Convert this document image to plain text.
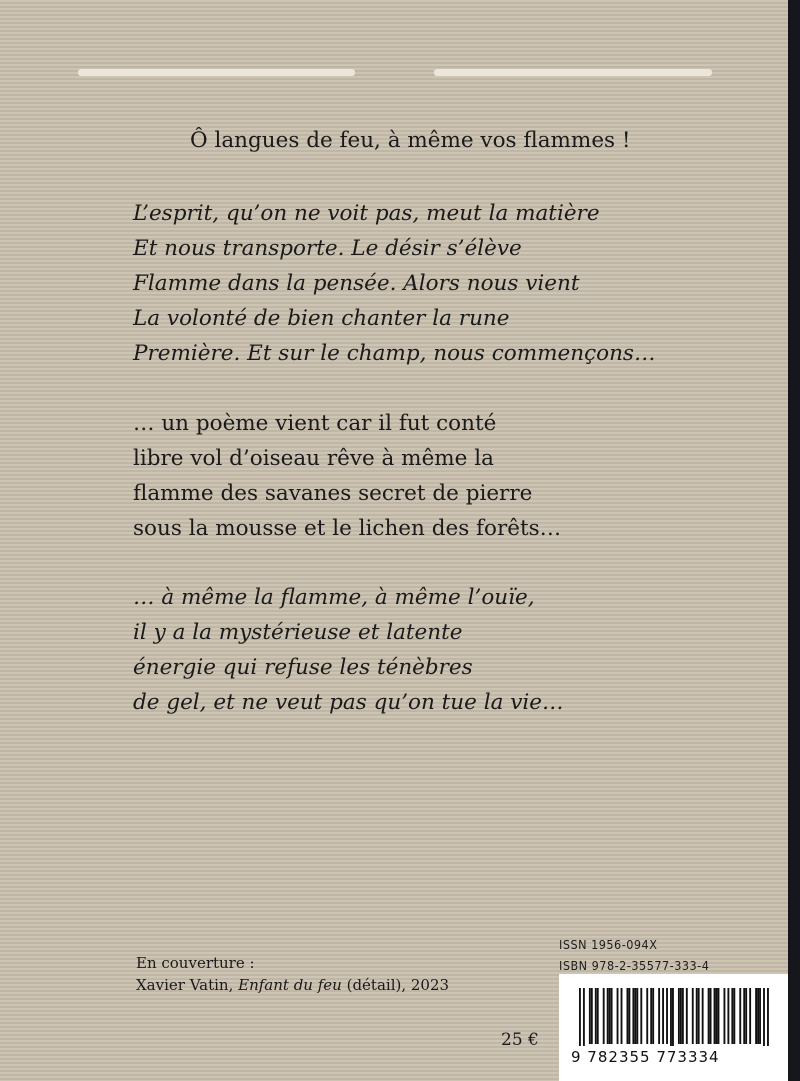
Ô langues de feu, à même vos flammes !
L’esprit, qu’on ne voit pas, meut la matière
Et nous transporte. Le désir s’élève
Flamme dans la pensée. Alors nous vient
La volonté de bien chanter la rune
Première. Et sur le champ, nous commençons…
… un poème vient car il fut conté
libre vol d’oiseau rêve à même la
flamme des savanes secret de pierre
sous la mousse et le lichen des forêts…
… à même la flamme, à même l’ouïe,
il y a la mystérieuse et latente
énergie qui refuse les ténèbres
de gel, et ne veut pas qu’on tue la vie…
En couverture :
Xavier Vatin, Enfant du feu (détail), 2023
25 €
ISSN 1956-094X
ISBN 978-2-35577-333-4
9 782355 773334
